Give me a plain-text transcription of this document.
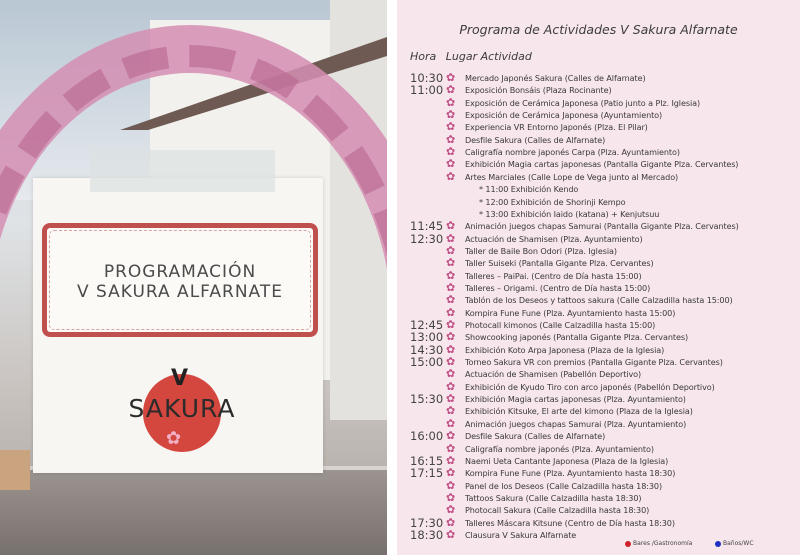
PROGRAMACIÓN
V SAKURA ALFARNATE
V
SAKURA
✿
Programa de Actividades V Sakura Alfarnate
Hora Lugar Actividad
10:30 ✿ Mercado Japonés Sakura (Calles de Alfarnate)
11:00 ✿ Exposición Bonsáis (Plaza Rocinante)
✿ Exposición de Cerámica Japonesa (Patio junto a Plz. Iglesia)
✿ Exposición de Cerámica Japonesa (Ayuntamiento)
✿ Experiencia VR Entorno Japonés (Plza. El Pilar)
✿ Desfile Sakura (Calles de Alfarnate)
✿ Caligrafía nombre japonés Carpa (Plza. Ayuntamiento)
✿ Exhibición Magia cartas japonesas (Pantalla Gigante Plza. Cervantes)
✿ Artes Marciales (Calle Lope de Vega junto al Mercado)
* 11:00 Exhibición Kendo
* 12:00 Exhibición de Shorinji Kempo
* 13:00 Exhibición Iaido (katana) + Kenjutsuu
11:45 ✿ Animación juegos chapas Samurai (Pantalla Gigante Plza. Cervantes)
12:30 ✿ Actuación de Shamisen (Plza. Ayuntamiento)
✿ Taller de Baile Bon Odori (Plza. Iglesia)
✿ Taller Suiseki (Pantalla Gigante Plza. Cervantes)
✿ Talleres – PaiPai. (Centro de Día hasta 15:00)
✿ Talleres – Origami. (Centro de Día hasta 15:00)
✿ Tablón de los Deseos y tattoos sakura (Calle Calzadilla hasta 15:00)
✿ Kompira Fune Fune (Plza. Ayuntamiento hasta 15:00)
12:45 ✿ Photocall kimonos (Calle Calzadilla hasta 15:00)
13:00 ✿ Showcooking japonés (Pantalla Gigante Plza. Cervantes)
14:30 ✿ Exhibición Koto Arpa Japonesa (Plaza de la Iglesia)
15:00 ✿ Torneo Sakura VR con premios (Pantalla Gigante Plza. Cervantes)
✿ Actuación de Shamisen (Pabellón Deportivo)
✿ Exhibición de Kyudo Tiro con arco japonés (Pabellón Deportivo)
15:30 ✿ Exhibición Magia cartas japonesas (Plza. Ayuntamiento)
✿ Exhibición Kitsuke, El arte del kimono (Plaza de la Iglesia)
✿ Animación juegos chapas Samurai (Plza. Ayuntamiento)
16:00 ✿ Desfile Sakura (Calles de Alfarnate)
✿ Caligrafía nombre japonés (Plza. Ayuntamiento)
16:15 ✿ Naemi Ueta Cantante Japonesa (Plaza de la Iglesia)
17:15 ✿ Kompira Fune Fune (Plza. Ayuntamiento hasta 18:30)
✿ Panel de los Deseos (Calle Calzadilla hasta 18:30)
✿ Tattoos Sakura (Calle Calzadilla hasta 18:30)
✿ Photocall Sakura (Calle Calzadilla hasta 18:30)
17:30 ✿ Talleres Máscara Kitsune (Centro de Día hasta 18:30)
18:30 ✿ Clausura V Sakura Alfarnate
Bares /Gastronomía	Baños/WC
